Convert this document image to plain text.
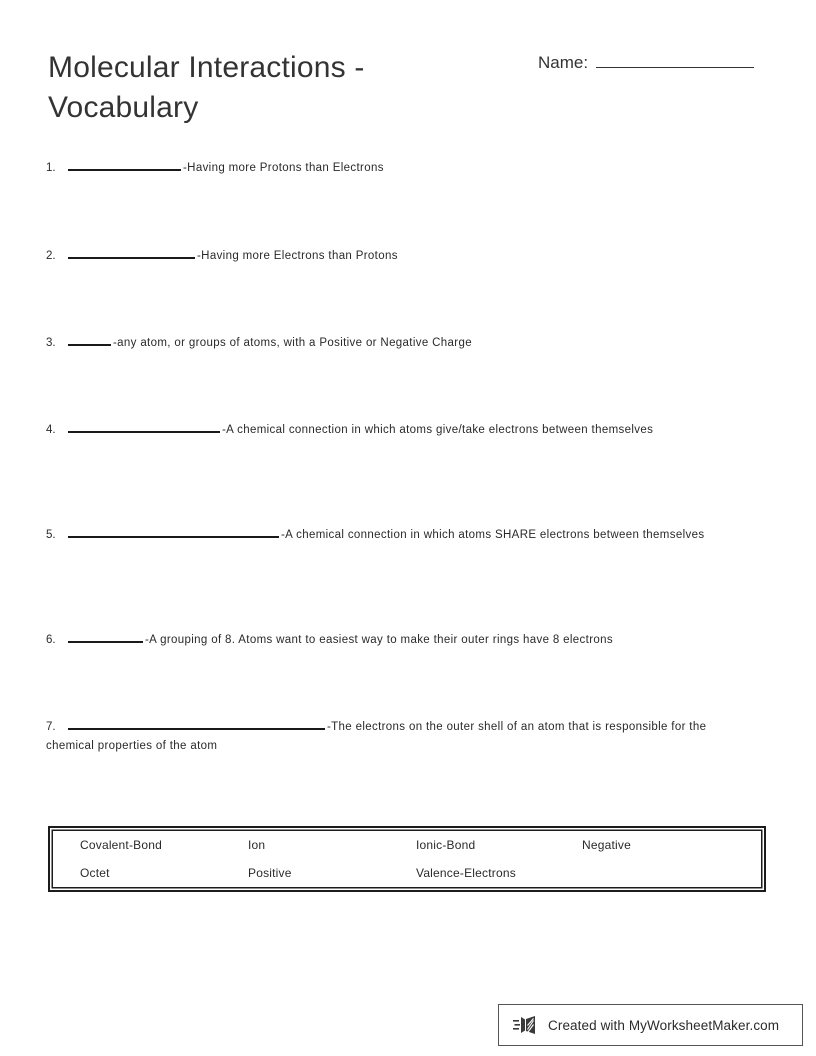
Molecular Interactions - Vocabulary
Name:
1.	-Having more Protons than Electrons
2.	-Having more Electrons than Protons
3.	-any atom, or groups of atoms, with a Positive or Negative Charge
4.	-A chemical connection in which atoms give/take electrons between themselves
5.	-A chemical connection in which atoms SHARE electrons between themselves
6.	-A grouping of 8. Atoms want to easiest way to make their outer rings have 8 electrons
7.	-The electrons on the outer shell of an atom that is responsible for the chemical properties of the atom
Covalent-Bond	Ion	Ionic-Bond	Negative
Octet	Positive	Valence-Electrons
Created with MyWorksheetMaker.com
